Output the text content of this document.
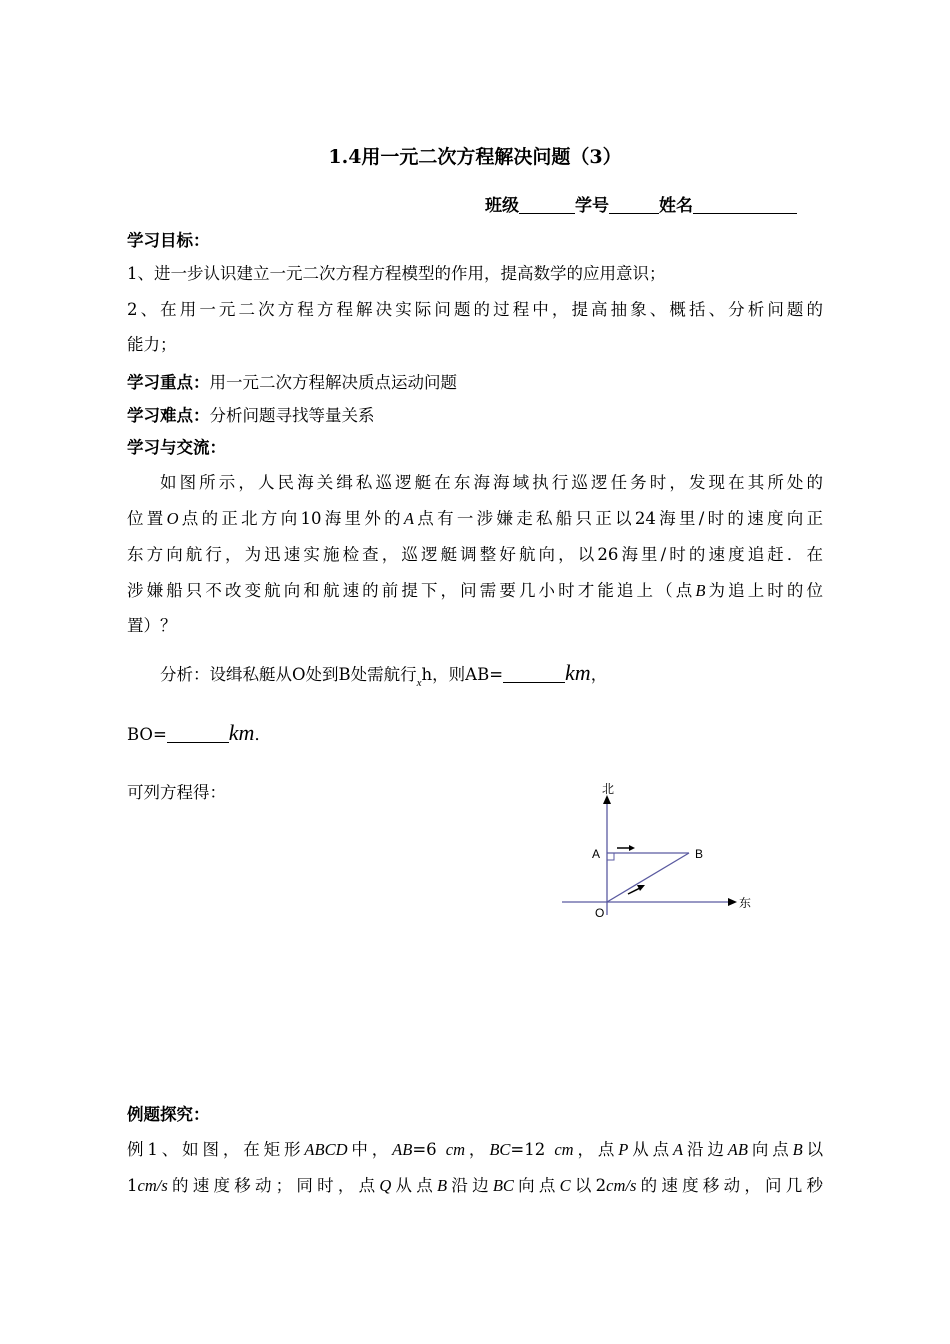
1.4用一元二次方程解决问题（3）
班级	学号	姓名
学习目标：
1、进一步认识建立一元二次方程方程模型的作用，提高数学的应用意识；
2、在用一元二次方程方程解决实际问题的过程中，提高抽象、概括、分析问题的
能力；
学习重点：用一元二次方程解决质点运动问题
学习难点：分析问题寻找等量关系
学习与交流：
如图所示，人民海关缉私巡逻艇在东海海域执行巡逻任务时，发现在其所处的
位置O点的正北方向10海里外的A点有一涉嫌走私船只正以24海里/时的速度向正
东方向航行，为迅速实施检查，巡逻艇调整好航向，以26海里/时的速度追赶．在
涉嫌船只不改变航向和航速的前提下，问需要几小时才能追上（点B为追上时的位
置）？
分析：设缉私艇从O处到B处需航行$_x$h，则AB=	km，
BO=	km．
可列方程得：	北
东
A	B
O
例题探究：
例1、如图，在矩形ABCD中，AB=6 cm，BC=12 cm，点P从点A沿边AB向点B以
1cm/s的速度移动；同时，点Q从点B沿边BC向点C以2cm/s的速度移动，问几秒
